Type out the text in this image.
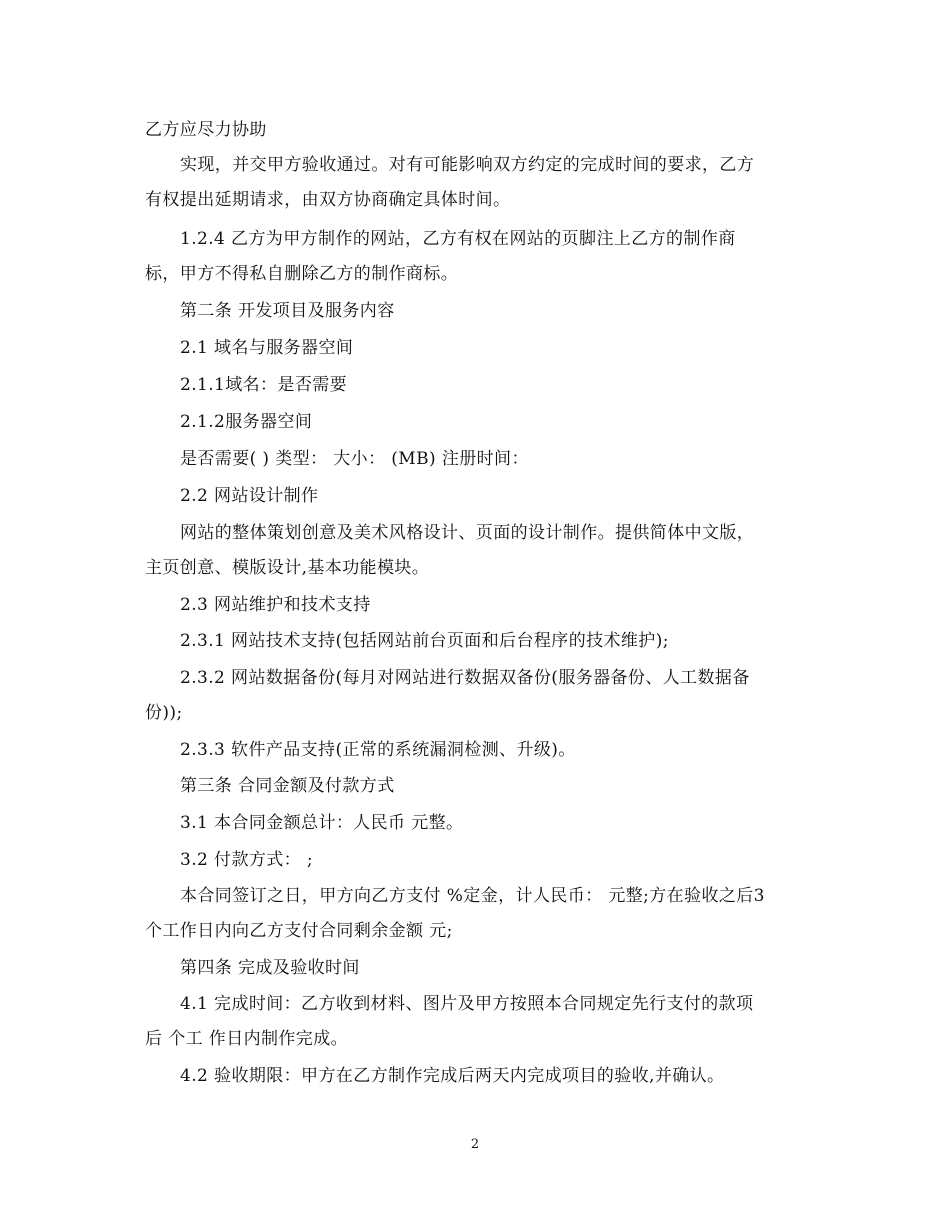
乙方应尽力协助
实现，并交甲方验收通过。对有可能影响双方约定的完成时间的要求，乙方
有权提出延期请求，由双方协商确定具体时间。
1.2.4 乙方为甲方制作的网站，乙方有权在网站的页脚注上乙方的制作商
标，甲方不得私自删除乙方的制作商标。
第二条 开发项目及服务内容
2.1 域名与服务器空间
2.1.1域名：是否需要
2.1.2服务器空间
是否需要( ) 类型： 大小： (MB) 注册时间：
2.2 网站设计制作
网站的整体策划创意及美术风格设计、页面的设计制作。提供简体中文版，
主页创意、模版设计,基本功能模块。
2.3 网站维护和技术支持
2.3.1 网站技术支持(包括网站前台页面和后台程序的技术维护);
2.3.2 网站数据备份(每月对网站进行数据双备份(服务器备份、人工数据备
份));
2.3.3 软件产品支持(正常的系统漏洞检测、升级)。
第三条 合同金额及付款方式
3.1 本合同金额总计：人民币 元整。
3.2 付款方式： ;
本合同签订之日，甲方向乙方支付 %定金，计人民币： 元整;方在验收之后3
个工作日内向乙方支付合同剩余金额 元;
第四条 完成及验收时间
4.1 完成时间：乙方收到材料、图片及甲方按照本合同规定先行支付的款项
后 个工 作日内制作完成。
4.2 验收期限：甲方在乙方制作完成后两天内完成项目的验收,并确认。
2
